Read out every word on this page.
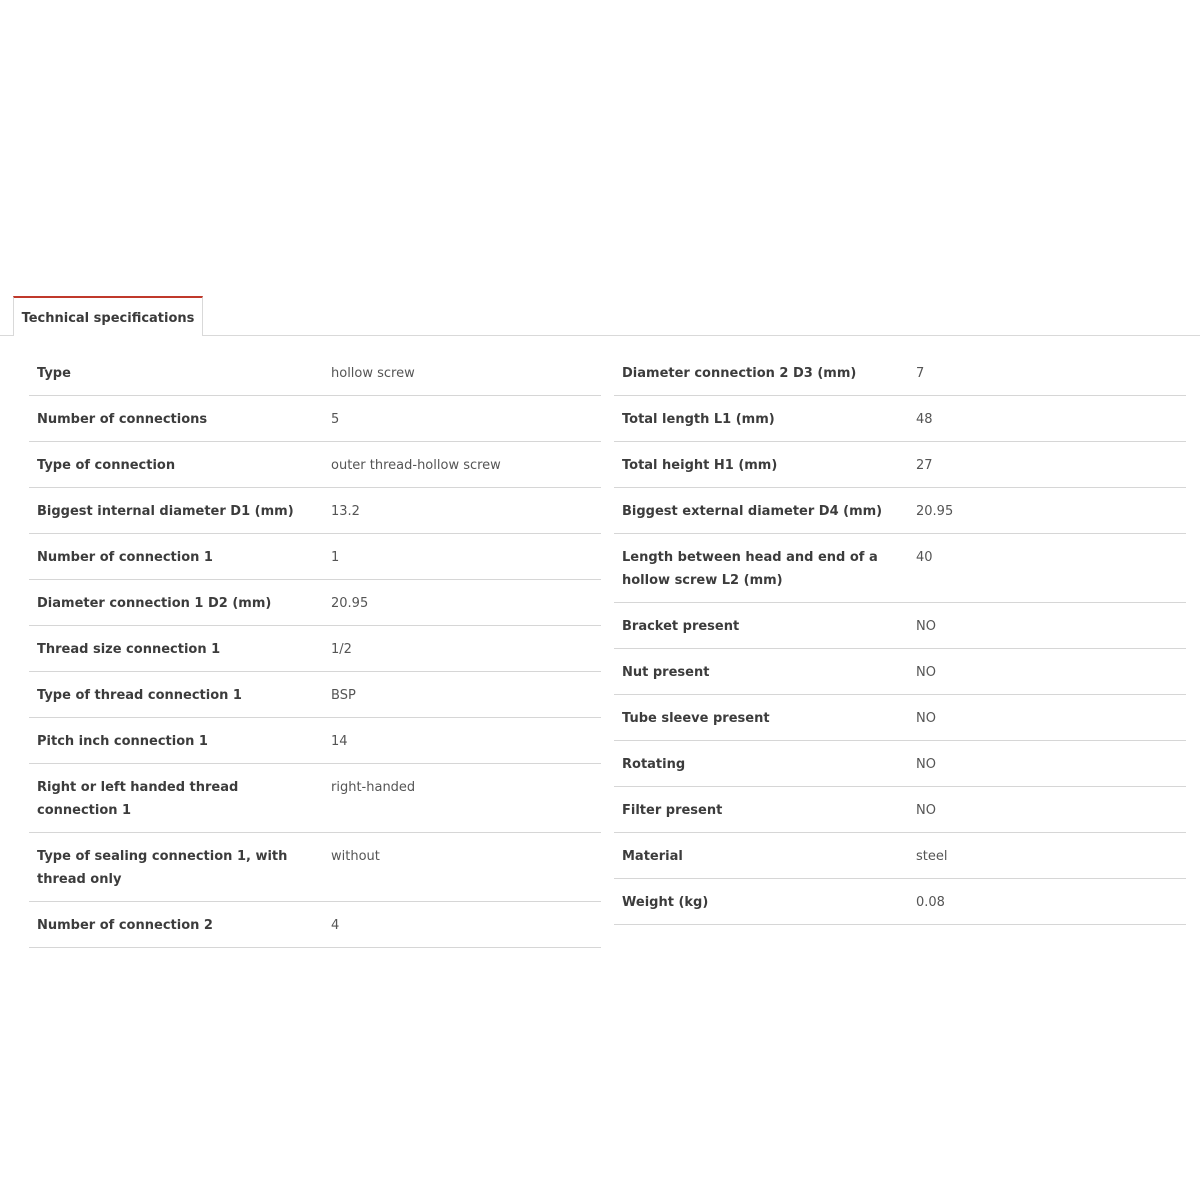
Technical specifications
Type	hollow screw
Number of connections	5
Type of connection	outer thread-hollow screw
Biggest internal diameter D1 (mm)	13.2
Number of connection 1	1
Diameter connection 1 D2 (mm)	20.95
Thread size connection 1	1/2
Type of thread connection 1	BSP
Pitch inch connection 1	14
Right or left handed thread connection 1	right-handed
Type of sealing connection 1, with thread only	without
Number of connection 2	4
Diameter connection 2 D3 (mm)	7
Total length L1 (mm)	48
Total height H1 (mm)	27
Biggest external diameter D4 (mm)	20.95
Length between head and end of a hollow screw L2 (mm)	40
Bracket present	NO
Nut present	NO
Tube sleeve present	NO
Rotating	NO
Filter present	NO
Material	steel
Weight (kg)	0.08
